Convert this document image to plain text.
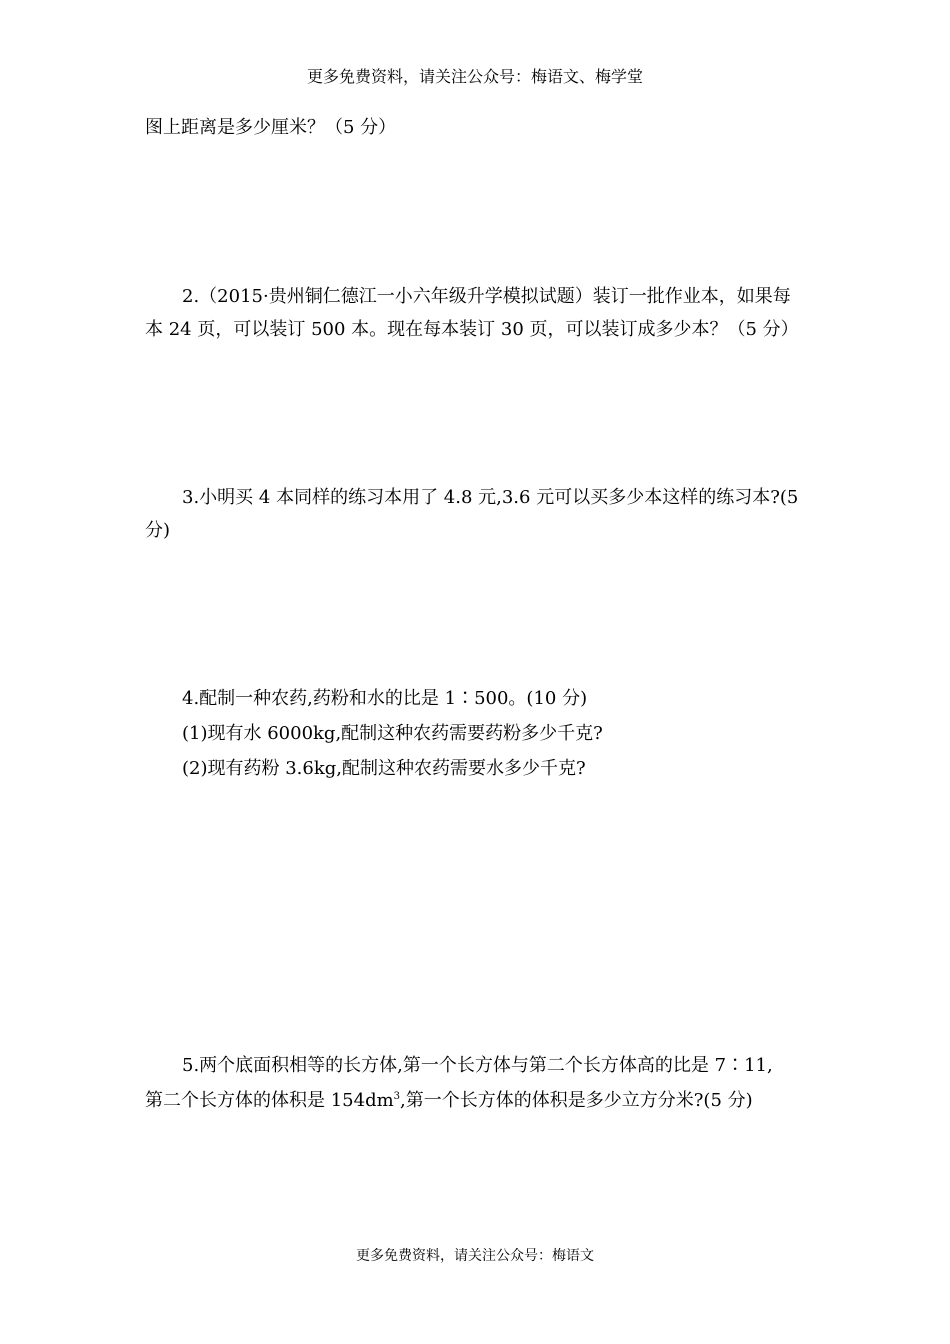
更多免费资料，请关注公众号：梅语文、梅学堂
图上距离是多少厘米？（5 分）
2.（2015·贵州铜仁德江一小六年级升学模拟试题）装订一批作业本，如果每
本 24 页，可以装订 500 本。现在每本装订 30 页，可以装订成多少本？（5 分）
3.小明买 4 本同样的练习本用了 4.8 元,3.6 元可以买多少本这样的练习本?(5
分)
4.配制一种农药,药粉和水的比是 1∶500。(10 分)
(1)现有水 6000kg,配制这种农药需要药粉多少千克?
(2)现有药粉 3.6kg,配制这种农药需要水多少千克?
5.两个底面积相等的长方体,第一个长方体与第二个长方体高的比是 7∶11,
第二个长方体的体积是 $154dm^3$,第一个长方体的体积是多少立方分米?(5 分)
更多免费资料，请关注公众号：梅语文
